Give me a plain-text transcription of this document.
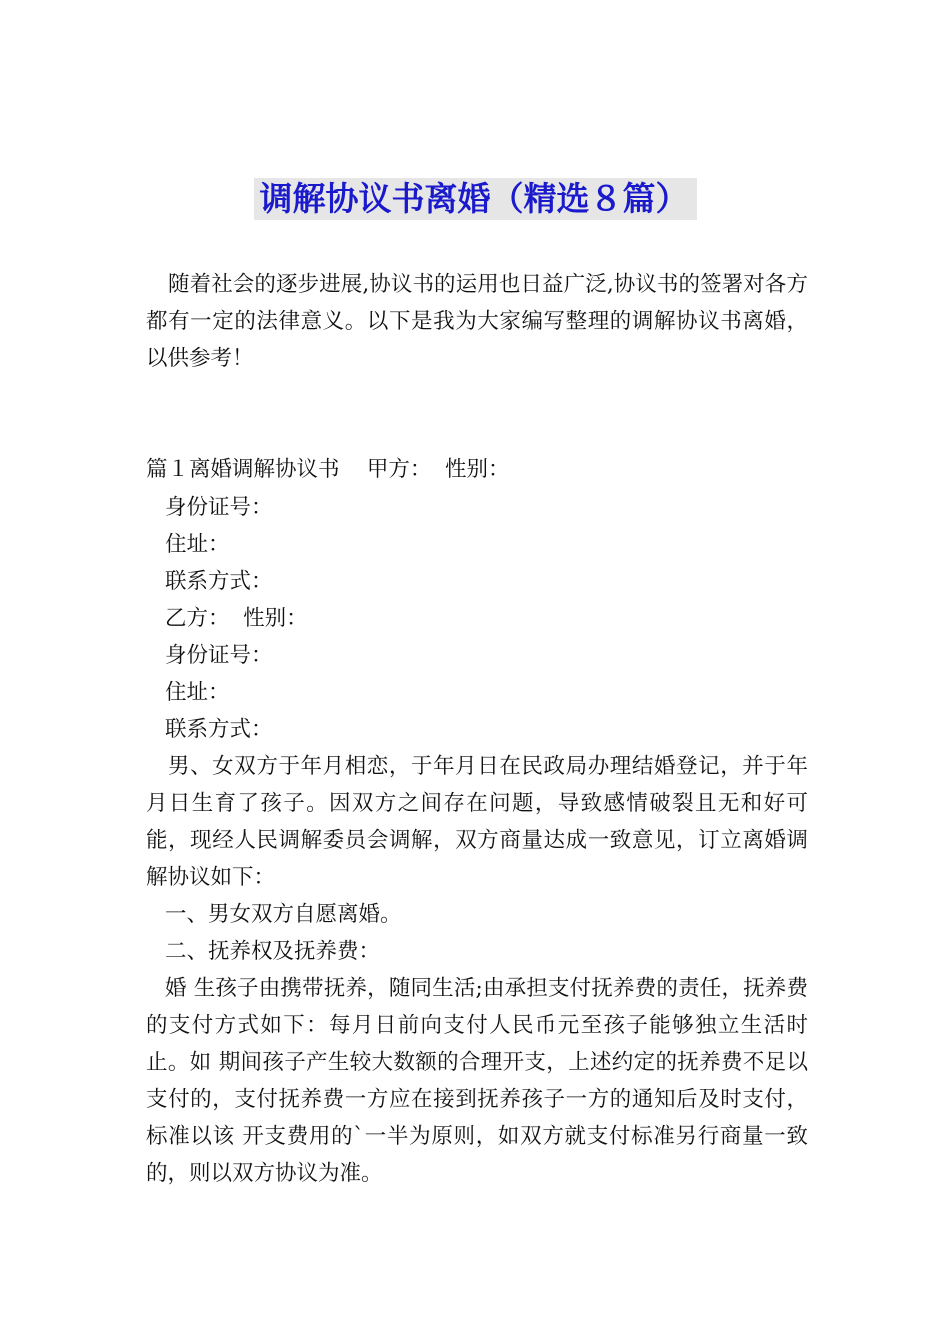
调解协议书离婚（精选８篇）

随着社会的逐步进展,协议书的运用也日益广泛,协议书的签署对各方都有一定的法律意义。以下是我为大家编写整理的调解协议书离婚，以供参考！

篇１离婚调解协议书    甲方：  性别：

身份证号：
住址：
联系方式：
乙方：  性别：
身份证号：
住址：
联系方式：

男、女双方于年月相恋，于年月日在民政局办理结婚登记，并于年月日生育了孩子。因双方之间存在问题，导致感情破裂且无和好可能，现经人民调解委员会调解，双方商量达成一致意见，订立离婚调解协议如下：

一、男女双方自愿离婚。

二、抚养权及抚养费：

婚 生孩子由携带抚养，随同生活;由承担支付抚养费的责任，抚养费的支付方式如下：每月日前向支付人民币元至孩子能够独立生活时止。如 期间孩子产生较大数额的合理开支，上述约定的抚养费不足以支付的，支付抚养费一方应在接到抚养孩子一方的通知后及时支付，标准以该 开支费用的`一半为原则，如双方就支付标准另行商量一致的，则以双方协议为准。
